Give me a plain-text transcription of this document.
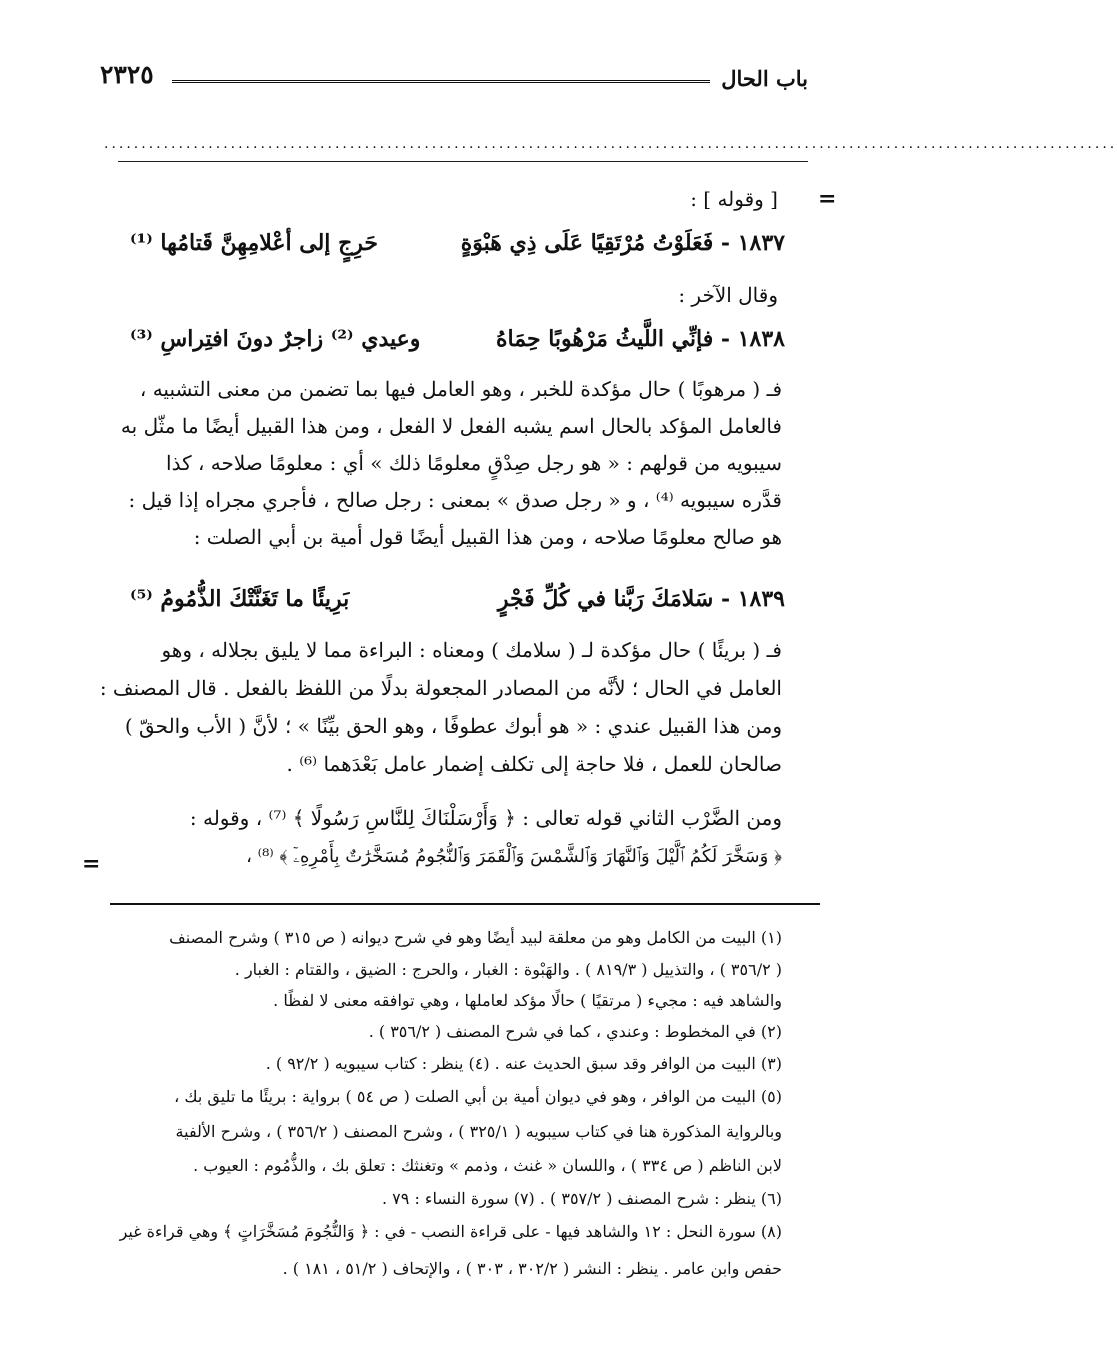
باب الحال
٢٣٢٥
........................................................................................................................................
=
[ وقوله ] :
١٨٣٧ - فَعَلَوْتُ مُرْتَقِيًا عَلَى ذِي هَبْوَةٍ
حَرِجٍ إلى أعْلامِهِنَّ قَتامُها ⁽¹⁾
وقال الآخر :
١٨٣٨ - فإنِّي اللَّيثُ مَرْهُوبًا حِمَاهُ
وعيدي ⁽²⁾ زاجرٌ دونَ افتِراسِ ⁽³⁾
فـ ( مرهوبًا ) حال مؤكدة للخبر ، وهو العامل فيها بما تضمن من معنى التشبيه ،
فالعامل المؤكد بالحال اسم يشبه الفعل لا الفعل ، ومن هذا القبيل أيضًا ما مثّل به
سيبويه من قولهم : « هو رجل صِدْقٍ معلومًا ذلك » أي : معلومًا صلاحه ، كذا
قدَّره سيبويه ⁽⁴⁾ ، و « رجل صدق » بمعنى : رجل صالح ، فأجري مجراه إذا قيل :
هو صالح معلومًا صلاحه ، ومن هذا القبيل أيضًا قول أمية بن أبي الصلت :
١٨٣٩ - سَلامَكَ رَبَّنا في كُلِّ فَجْرٍ
بَرِيئًا ما تَغَنَّتْكَ الذُّمُومُ ⁽⁵⁾
فـ ( بريئًا ) حال مؤكدة لـ ( سلامك ) ومعناه : البراءة مما لا يليق بجلاله ، وهو
العامل في الحال ؛ لأنَّه من المصادر المجعولة بدلًا من اللفظ بالفعل . قال المصنف :
ومن هذا القبيل عندي : « هو أبوك عطوفًا ، وهو الحق بيِّنًا » ؛ لأنَّ ( الأب والحقّ )
صالحان للعمل ، فلا حاجة إلى تكلف إضمار عامل بَعْدَهما ⁽⁶⁾ .
ومن الضَّرْب الثاني قوله تعالى : ﴿ وَأَرْسَلْنَاكَ لِلنَّاسِ رَسُولًا ﴾ ⁽⁷⁾ ، وقوله :
﴿ وَسَخَّرَ لَكُمُ ٱلَّيْلَ وَٱلنَّهَارَ وَٱلشَّمْسَ وَٱلْقَمَرَ وَٱلنُّجُومُ مُسَخَّرَٰتٌ بِأَمْرِهِۦٓ ﴾ ⁽⁸⁾ ،
=
(١) البيت من الكامل وهو من معلقة لبيد أيضًا وهو في شرح ديوانه ( ص ٣١٥ ) وشرح المصنف
( ٣٥٦/٢ ) ، والتذييل ( ٨١٩/٣ ) . والهَبْوة : الغبار ، والحرج : الضيق ، والقتام : الغبار .
والشاهد فيه : مجيء ( مرتقيًا ) حالًا مؤكد لعاملها ، وهي توافقه معنى لا لفظًا .
(٢) في المخطوط : وعندي ، كما في شرح المصنف ( ٣٥٦/٢ ) .
(٣) البيت من الوافر وقد سبق الحديث عنه . (٤) ينظر : كتاب سيبويه ( ٩٢/٢ ) .
(٥) البيت من الوافر ، وهو في ديوان أمية بن أبي الصلت ( ص ٥٤ ) برواية : بريئًا ما تليق بك ،
وبالرواية المذكورة هنا في كتاب سيبويه ( ٣٢٥/١ ) ، وشرح المصنف ( ٣٥٦/٢ ) ، وشرح الألفية
لابن الناظم ( ص ٣٣٤ ) ، واللسان « غنث ، وذمم » وتغنثك : تعلق بك ، والذُّمُوم : العيوب .
(٦) ينظر : شرح المصنف ( ٣٥٧/٢ ) . (٧) سورة النساء : ٧٩ .
(٨) سورة النحل : ١٢ والشاهد فيها - على قراءة النصب - في : ﴿ وَالنُّجُومَ مُسَخَّرَاتٍ ﴾ وهي قراءة غير
حفص وابن عامر . ينظر : النشر ( ٣٠٢/٢ ، ٣٠٣ ) ، والإتحاف ( ٥١/٢ ، ١٨١ ) .
